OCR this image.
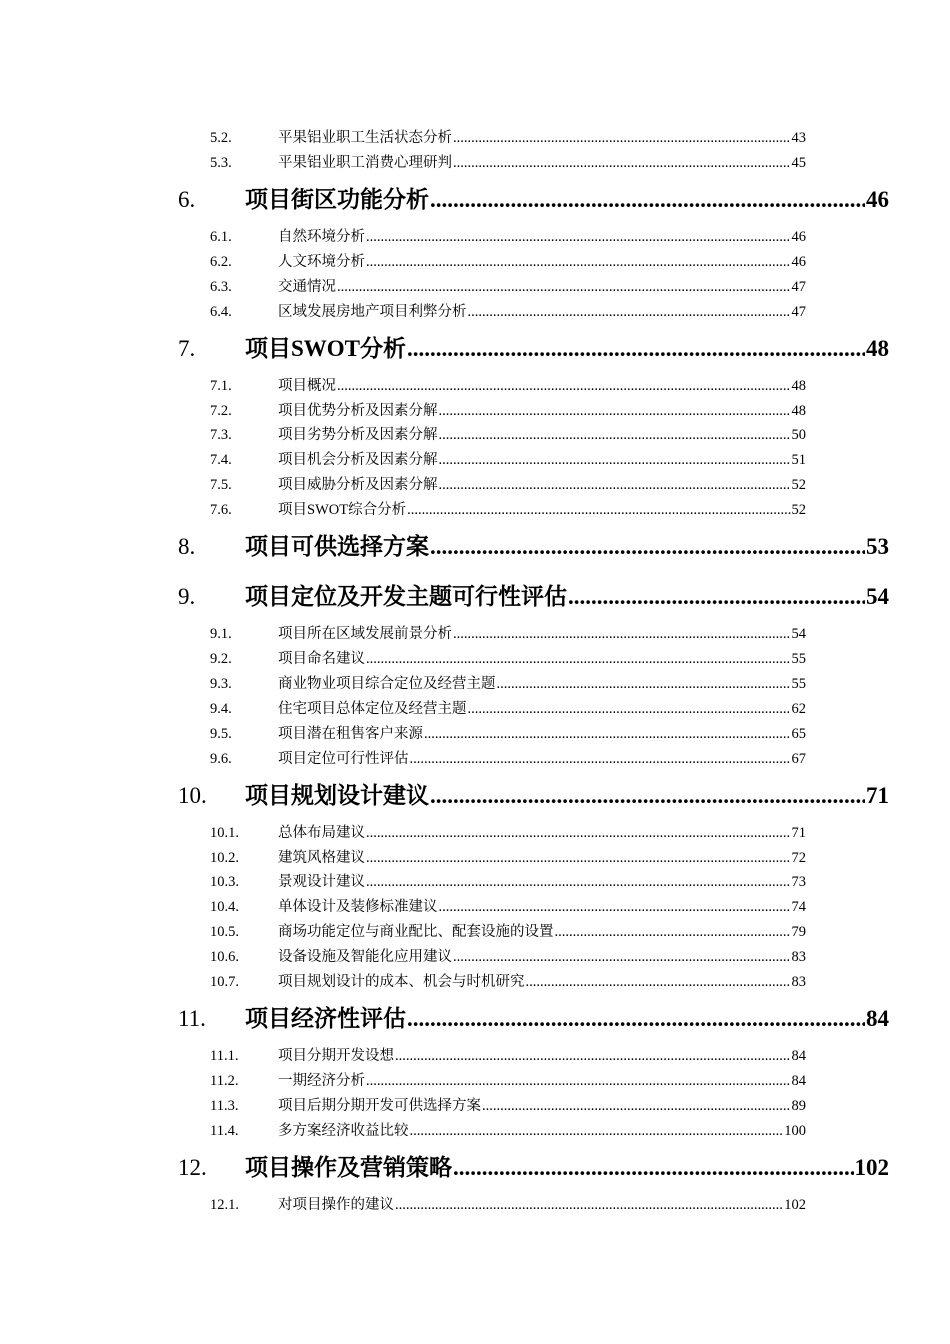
5.2.	平果铝业职工生活状态分析 .....	43
5.3.	平果铝业职工消费心理研判 .....	45
6.	项目街区功能分析 .....	46
6.1.	自然环境分析 .....	46
6.2.	人文环境分析 .....	46
6.3.	交通情况 .....	47
6.4.	区域发展房地产项目利弊分析 .....	47
7.	项目SWOT分析 .....	48
7.1.	项目概况 .....	48
7.2.	项目优势分析及因素分解 .....	48
7.3.	项目劣势分析及因素分解 .....	50
7.4.	项目机会分析及因素分解 .....	51
7.5.	项目威胁分析及因素分解 .....	52
7.6.	项目SWOT综合分析 .....	52
8.	项目可供选择方案 .....	53
9.	项目定位及开发主题可行性评估 .....	54
9.1.	项目所在区域发展前景分析 .....	54
9.2.	项目命名建议 .....	55
9.3.	商业物业项目综合定位及经营主题 .....	55
9.4.	住宅项目总体定位及经营主题 .....	62
9.5.	项目潜在租售客户来源 .....	65
9.6.	项目定位可行性评估 .....	67
10.	项目规划设计建议 .....	71
10.1.	总体布局建议 .....	71
10.2.	建筑风格建议 .....	72
10.3.	景观设计建议 .....	73
10.4.	单体设计及装修标准建议 .....	74
10.5.	商场功能定位与商业配比、配套设施的设置 .....	79
10.6.	设备设施及智能化应用建议 .....	83
10.7.	项目规划设计的成本、机会与时机研究 .....	83
11.	项目经济性评估 .....	84
11.1.	项目分期开发设想 .....	84
11.2.	一期经济分析 .....	84
11.3.	项目后期分期开发可供选择方案 .....	89
11.4.	多方案经济收益比较 .....	100
12.	项目操作及营销策略 .....	102
12.1.	对项目操作的建议 .....	102
